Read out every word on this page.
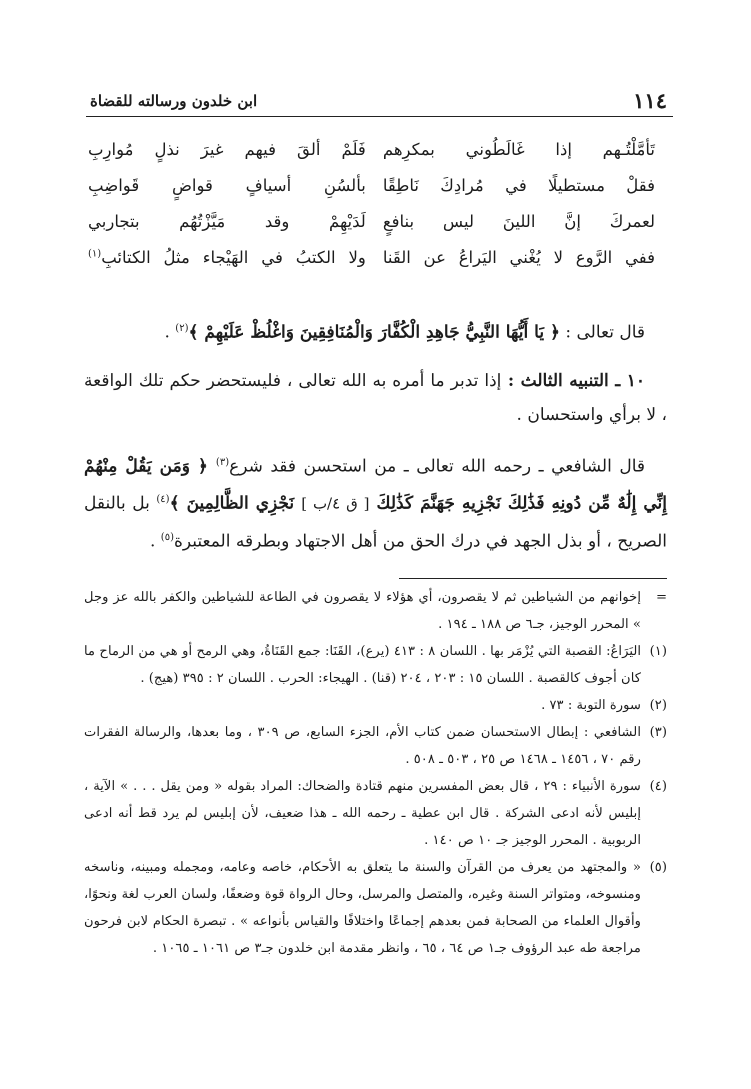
١١٤
ابن خلدون ورسالته للقضاة
تَأمَّلْتُـهم إذا غَالَطُوني بمكرِهم
فَلَمْ ألقَ فيهم غيرَ نذلٍ مُوارِبِ
فقلْ مستطيلًا في مُرادِكَ نَاطِقًا
بألسُنِ أسيافٍ قواضٍ قَواضِبِ
لعمركَ إنَّ اللينَ ليس بنافعٍ
لَدَيْهِمْ وقد مَيَّزْتُهُم بتجاربي
ففي الرَّوع لا يُغْني اليَراعُ عن القَنا
ولا الكتبُ في الهَيْجاء مثلُ الكتائبِ$^{(١)}$

قال تعالى : ﴿ يَا أَيُّهَا النَّبِيُّ جَاهِدِ الْكُفَّارَ وَالْمُنَافِقِينَ وَاغْلُظْ عَلَيْهِمْ ﴾$^{(٢)}$ .

١٠ ـ التنبيه الثالث : إذا تدبر ما أمره به الله تعالى ، فليستحضر حكم تلك الواقعة ، لا برأي واستحسان .

قال الشافعي ـ رحمه الله تعالى ـ من استحسن فقد شرع$^{(٣)}$ ﴿ وَمَن يَقُلْ مِنْهُمْ إِنِّي إِلَٰهٌ مِّن دُونِهِ فَذَٰلِكَ نَجْزِيهِ جَهَنَّمَ كَذَٰلِكَ [ ق ٤/ب ] نَجْزِي الظَّالِمِينَ ﴾$^{(٤)}$ بل بالنقل الصريح ، أو بذل الجهد في درك الحق من أهل الاجتهاد وبطرقه المعتبرة$^{(٥)}$ .

=
إخوانهم من الشياطين ثم لا يقصرون، أي هؤلاء لا يقصرون في الطاعة للشياطين والكفر بالله عز وجل » المحرر الوجيز، جـ٦ ص ١٨٨ ـ ١٩٤ .
(١)
اليَرَاعُ: القصبة التي يُزْمَر بها . اللسان ٨ : ٤١٣ (يرع)، القَنَا: جمع القَنَاةُ، وهي الرمح أو هي من الرماح ما كان أجوف كالقصبة . اللسان ١٥ : ٢٠٣ ، ٢٠٤ (قنا) . الهيجاء: الحرب . اللسان ٢ : ٣٩٥ (هيج) .
(٢)
سورة التوبة : ٧٣ .
(٣)
الشافعي : إبطال الاستحسان ضمن كتاب الأم، الجزء السابع، ص ٣٠٩ ، وما بعدها، والرسالة الفقرات رقم ٧٠ ، ١٤٥٦ ـ ١٤٦٨ ص ٢٥ ، ٥٠٣ ـ ٥٠٨ .
(٤)
سورة الأنبياء : ٢٩ ، قال بعض المفسرين منهم قتادة والضحاك: المراد بقوله « ومن يقل . . . » الآية ، إبليس لأنه ادعى الشركة . قال ابن عطية ـ رحمه الله ـ هذا ضعيف، لأن إبليس لم يرد قط أنه ادعى الربوبية . المحرر الوجيز جـ ١٠ ص ١٤٠ .
(٥)
« والمجتهد من يعرف من القرآن والسنة ما يتعلق به الأحكام، خاصه وعامه، ومجمله ومبينه، وناسخه ومنسوخه، ومتواتر السنة وغيره، والمتصل والمرسل، وحال الرواة قوة وضعفًا، ولسان العرب لغة ونحوًا، وأقوال العلماء من الصحابة فمن بعدهم إجماعًا واختلافًا والقياس بأنواعه » . تبصرة الحكام لابن فرحون مراجعة طه عبد الرؤوف جـ١ ص ٦٤ ، ٦٥ ، وانظر مقدمة ابن خلدون جـ٣ ص ١٠٦١ ـ ١٠٦٥ .
